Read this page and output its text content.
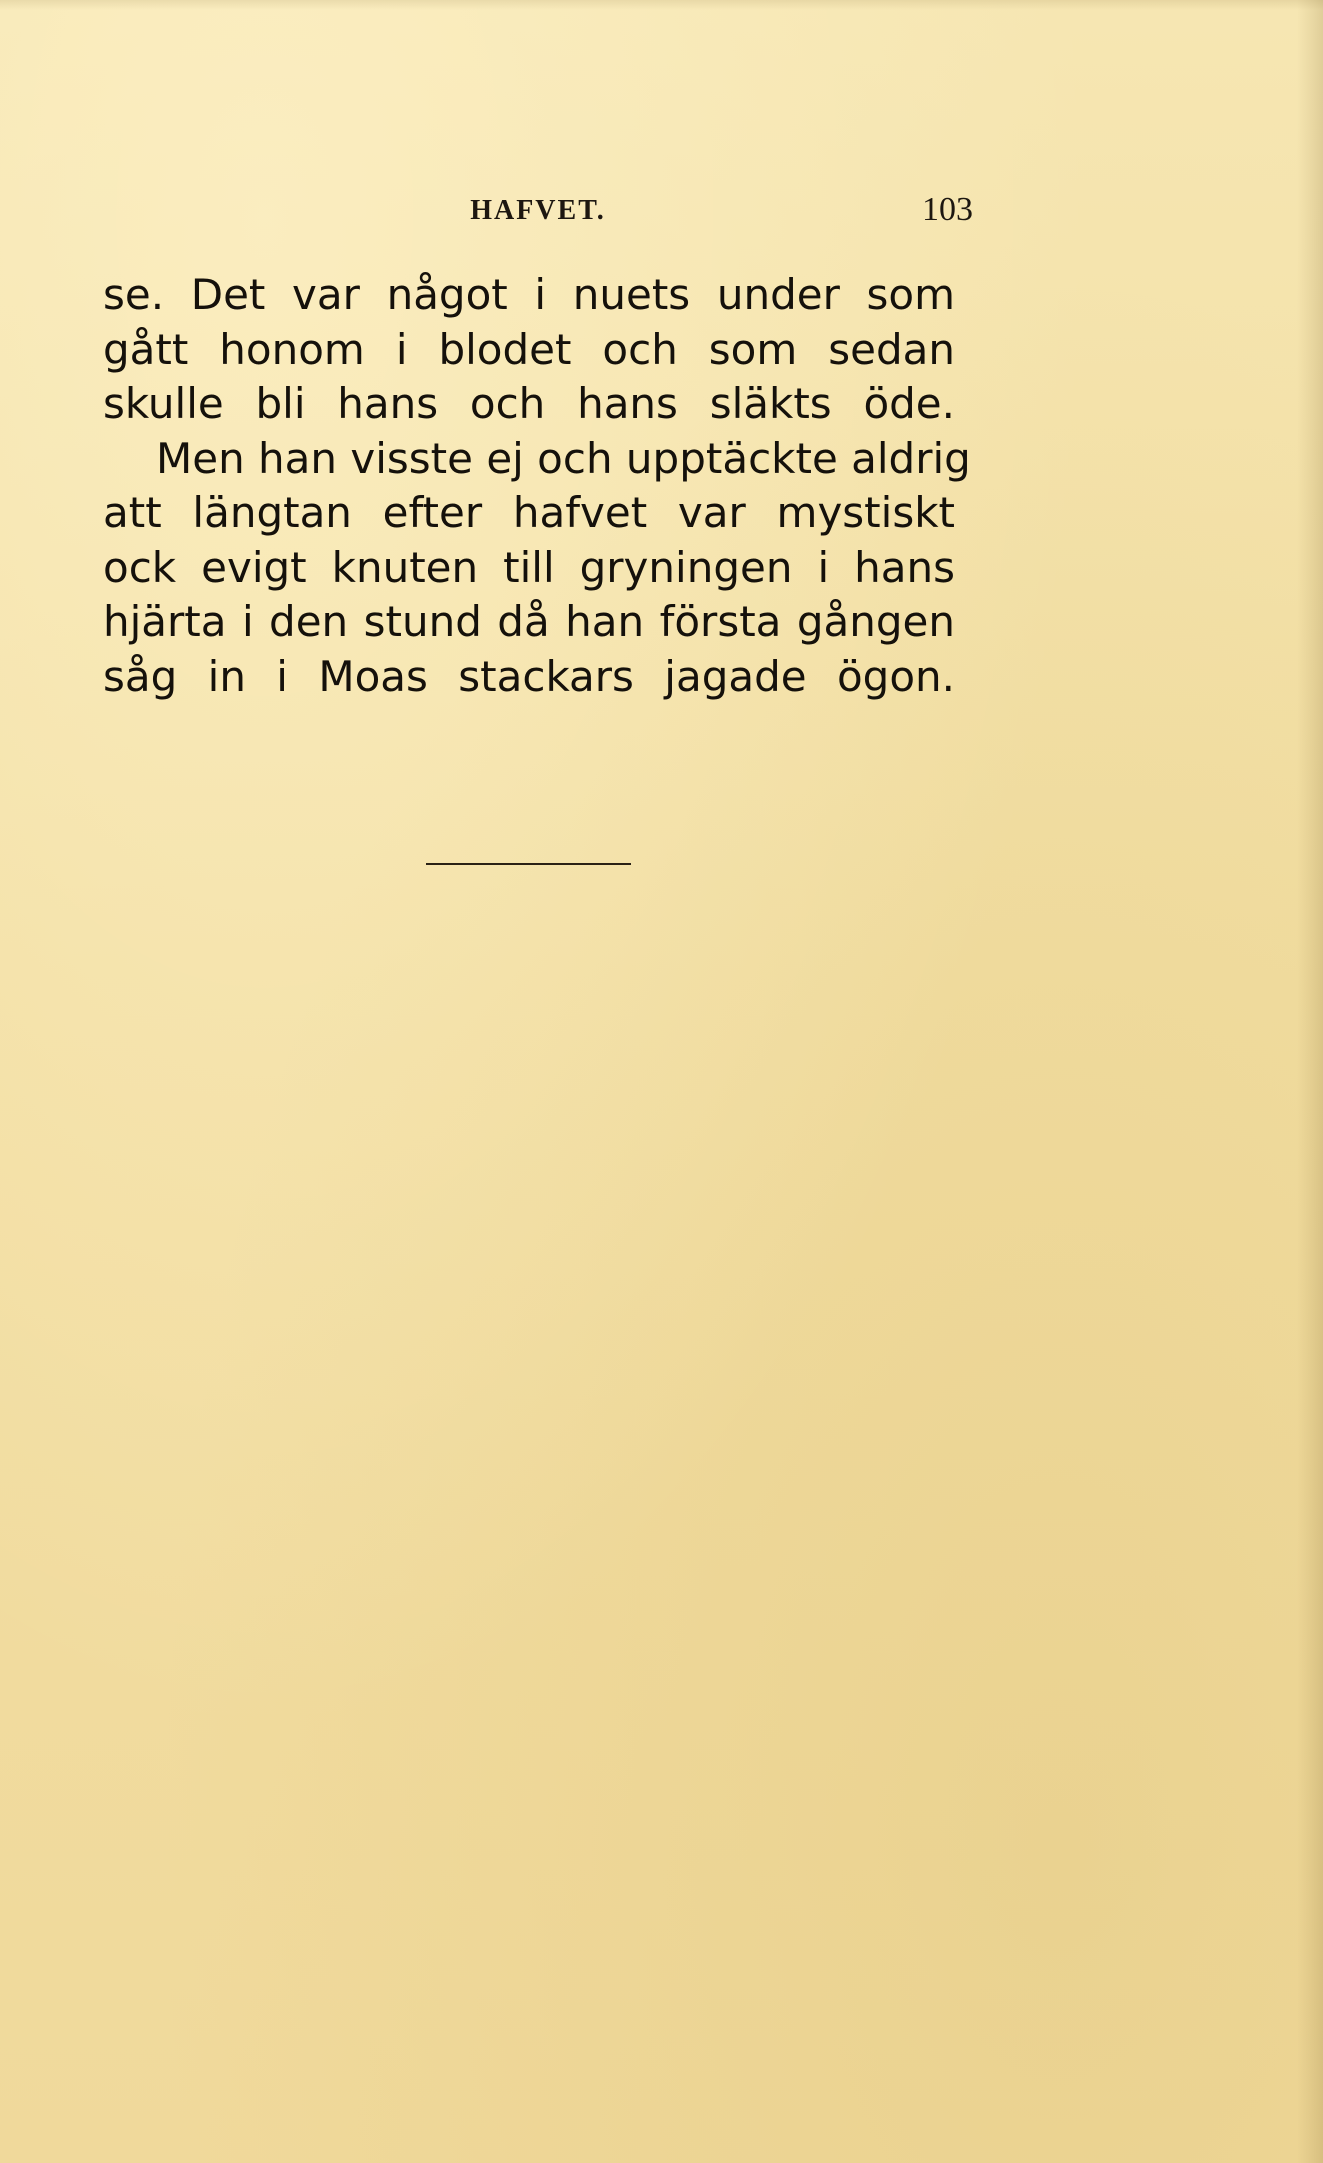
HAFVET.	103
se. Det var något i nuets under som
gått honom i blodet och som sedan
skulle bli hans och hans släkts öde.
Men han visste ej och upptäckte aldrig
att längtan efter hafvet var mystiskt
ock evigt knuten till gryningen i hans
hjärta i den stund då han första gången
såg in i Moas stackars jagade ögon.
